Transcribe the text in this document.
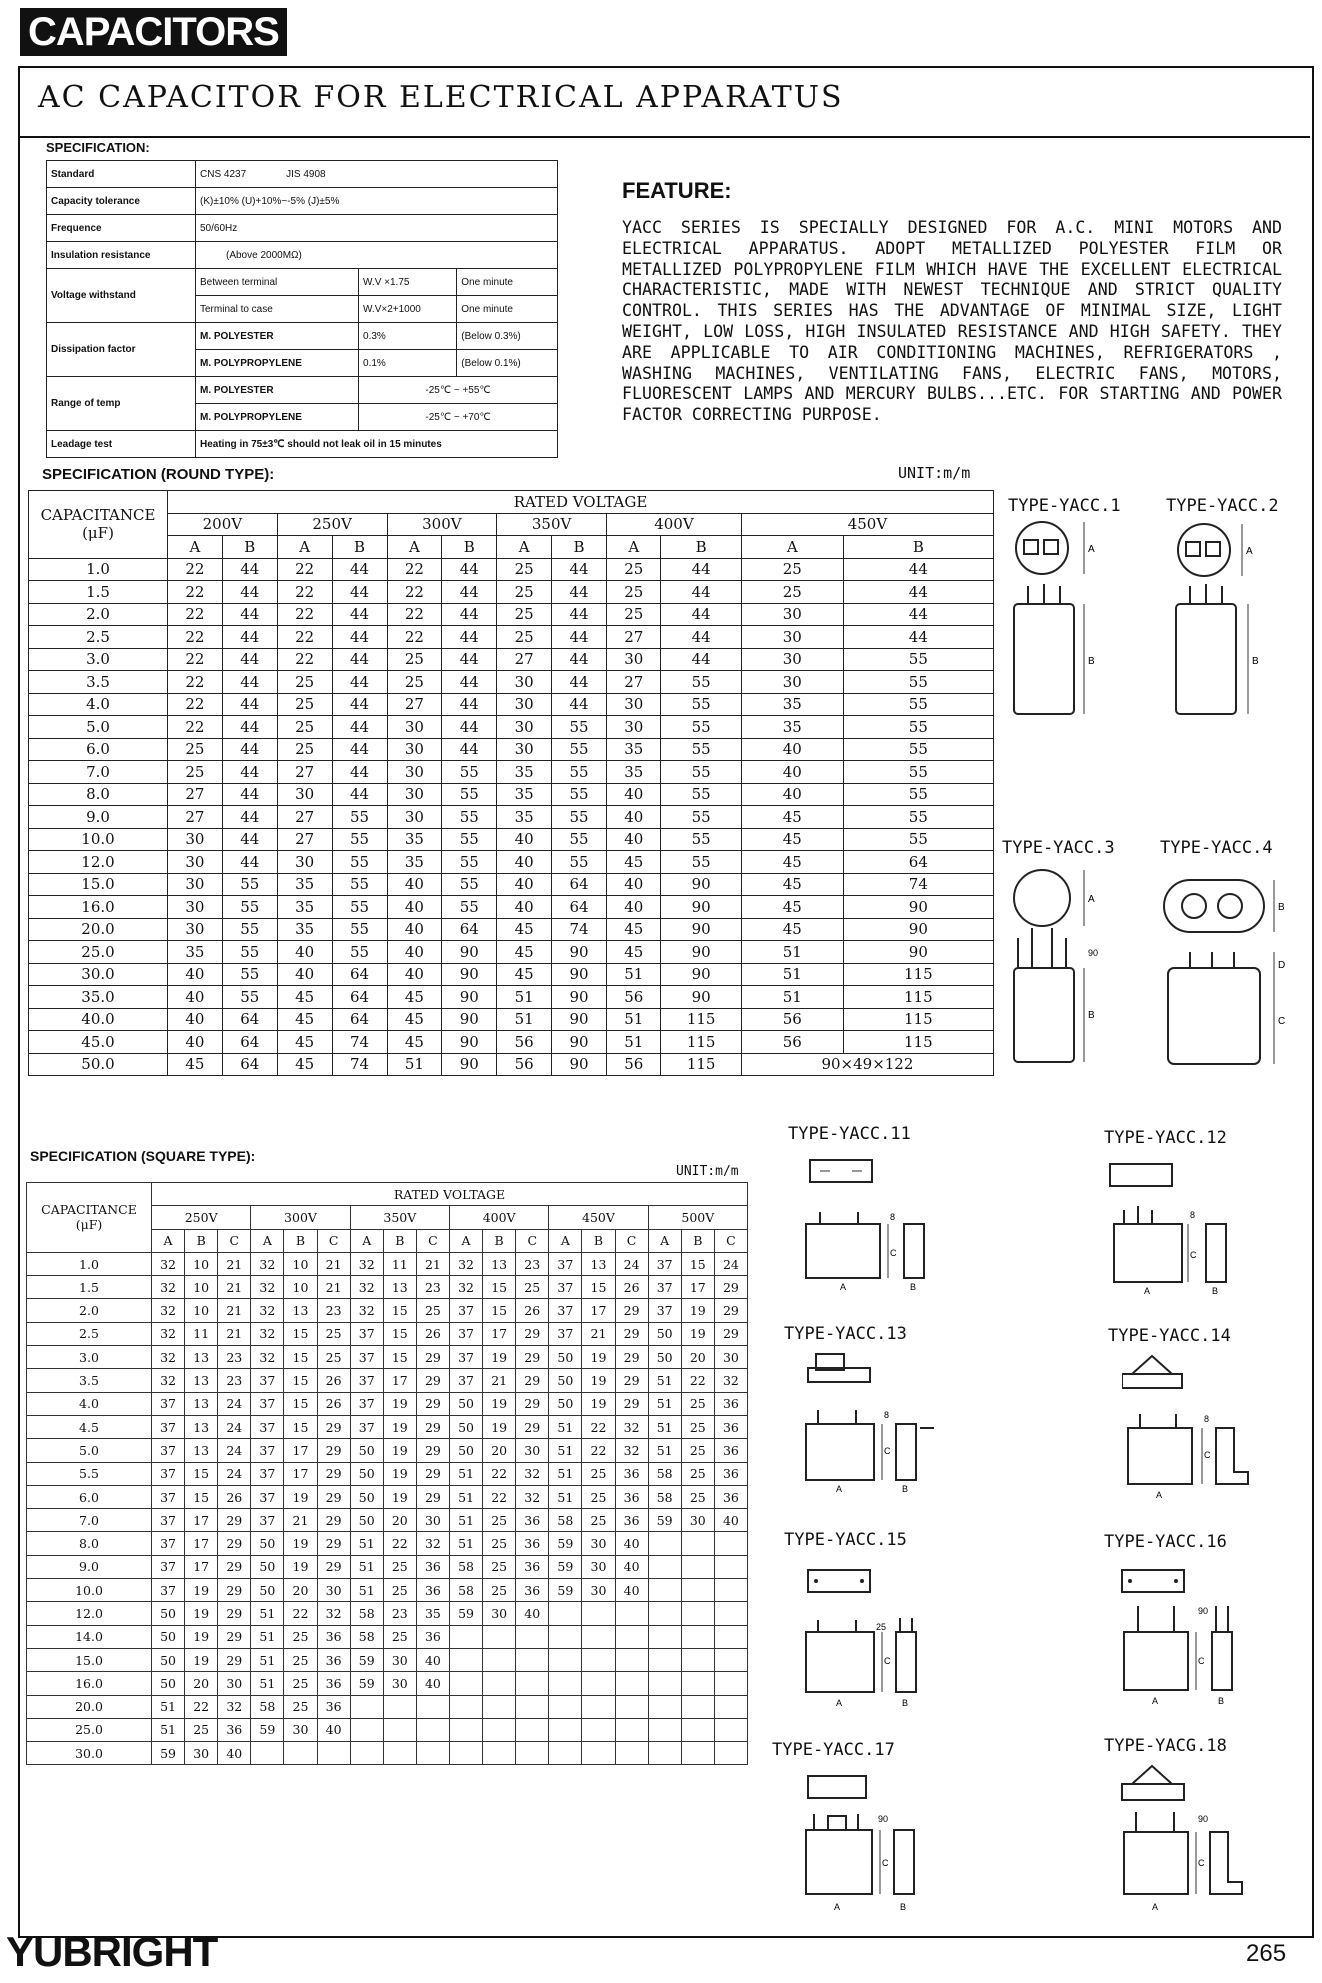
CAPACITORS
AC CAPACITOR FOR ELECTRICAL APPARATUS
SPECIFICATION:
Standard	CNS 4237 JIS 4908		
Capacity tolerance	(K)±10% (U)+10%~-5% (J)±5%		
Frequence	50/60Hz		
Insulation resistance	(Above 2000MΩ)		
Voltage withstand	Between terminal	W.V ×1.75	One minute
	Terminal to case	W.V×2+1000	One minute
Dissipation factor	M. POLYESTER	0.3%	(Below 0.3%)
	M. POLYPROPYLENE	0.1%	(Below 0.1%)
Range of temp	M. POLYESTER	-25℃ ~ +55℃	
	M. POLYPROPYLENE	-25℃ ~ +70℃	
Leadage test	Heating in 75±3℃ should not leak oil in 15 minutes		
FEATURE:
YACC SERIES IS SPECIALLY DESIGNED FOR A.C. MINI MOTORS AND ELECTRICAL APPARATUS. ADOPT METALLIZED POLYESTER FILM OR METALLIZED POLYPROPYLENE FILM WHICH HAVE THE EXCELLENT ELECTRICAL CHARACTERISTIC, MADE WITH NEWEST TECHNIQUE AND STRICT QUALITY CONTROL. THIS SERIES HAS THE ADVANTAGE OF MINIMAL SIZE, LIGHT WEIGHT, LOW LOSS, HIGH INSULATED RESISTANCE AND HIGH SAFETY. THEY ARE APPLICABLE TO AIR CONDITIONING MACHINES, REFRIGERATORS , WASHING MACHINES, VENTILATING FANS, ELECTRIC FANS, MOTORS, FLUORESCENT LAMPS AND MERCURY BULBS...ETC. FOR STARTING AND POWER FACTOR CORRECTING PURPOSE.
SPECIFICATION (ROUND TYPE):	UNIT:m/m
CAPACITANCE
(μF)	RATED VOLTAGE											
	200V		250V		300V		350V		400V		450V	
	A	B	A	B	A	B	A	B	A	B	A	B
1.0	22	44	22	44	22	44	25	44	25	44	25	44
1.5	22	44	22	44	22	44	25	44	25	44	25	44
2.0	22	44	22	44	22	44	25	44	25	44	30	44
2.5	22	44	22	44	22	44	25	44	27	44	30	44
3.0	22	44	22	44	25	44	27	44	30	44	30	55
3.5	22	44	25	44	25	44	30	44	27	55	30	55
4.0	22	44	25	44	27	44	30	44	30	55	35	55
5.0	22	44	25	44	30	44	30	55	30	55	35	55
6.0	25	44	25	44	30	44	30	55	35	55	40	55
7.0	25	44	27	44	30	55	35	55	35	55	40	55
8.0	27	44	30	44	30	55	35	55	40	55	40	55
9.0	27	44	27	55	30	55	35	55	40	55	45	55
10.0	30	44	27	55	35	55	40	55	40	55	45	55
12.0	30	44	30	55	35	55	40	55	45	55	45	64
15.0	30	55	35	55	40	55	40	64	40	90	45	74
16.0	30	55	35	55	40	55	40	64	40	90	45	90
20.0	30	55	35	55	40	64	45	74	45	90	45	90
25.0	35	55	40	55	40	90	45	90	45	90	51	90
30.0	40	55	40	64	40	90	45	90	51	90	51	115
35.0	40	55	45	64	45	90	51	90	56	90	51	115
40.0	40	64	45	64	45	90	51	90	51	115	56	115
45.0	40	64	45	74	45	90	56	90	51	115	56	115
50.0	45	64	45	74	51	90	56	90	56	115	90×49×122	
SPECIFICATION (SQUARE TYPE):
UNIT:m/m
CAPACITANCE
(μF)	RATED VOLTAGE																	
	250V			300V			350V			400V			450V			500V		
	A	B	C	A	B	C	A	B	C	A	B	C	A	B	C	A	B	C
1.0	32	10	21	32	10	21	32	11	21	32	13	23	37	13	24	37	15	24
1.5	32	10	21	32	10	21	32	13	23	32	15	25	37	15	26	37	17	29
2.0	32	10	21	32	13	23	32	15	25	37	15	26	37	17	29	37	19	29
2.5	32	11	21	32	15	25	37	15	26	37	17	29	37	21	29	50	19	29
3.0	32	13	23	32	15	25	37	15	29	37	19	29	50	19	29	50	20	30
3.5	32	13	23	37	15	26	37	17	29	37	21	29	50	19	29	51	22	32
4.0	37	13	24	37	15	26	37	19	29	50	19	29	50	19	29	51	25	36
4.5	37	13	24	37	15	29	37	19	29	50	19	29	51	22	32	51	25	36
5.0	37	13	24	37	17	29	50	19	29	50	20	30	51	22	32	51	25	36
5.5	37	15	24	37	17	29	50	19	29	51	22	32	51	25	36	58	25	36
6.0	37	15	26	37	19	29	50	19	29	51	22	32	51	25	36	58	25	36
7.0	37	17	29	37	21	29	50	20	30	51	25	36	58	25	36	59	30	40
8.0	37	17	29	50	19	29	51	22	32	51	25	36	59	30	40			
9.0	37	17	29	50	19	29	51	25	36	58	25	36	59	30	40			
10.0	37	19	29	50	20	30	51	25	36	58	25	36	59	30	40			
12.0	50	19	29	51	22	32	58	23	35	59	30	40						
14.0	50	19	29	51	25	36	58	25	36									
15.0	50	19	29	51	25	36	59	30	40									
16.0	50	20	30	51	25	36	59	30	40									
20.0	51	22	32	58	25	36												
25.0	51	25	36	59	30	40												
30.0	59	30	40															
TYPE-YACC.1	TYPE-YACC.2
TYPE-YACC.3	TYPE-YACC.4
A
B
A
B
A
90
B
B
D
C
TYPE-YACC.11	TYPE-YACC.12
TYPE-YACC.13	TYPE-YACC.14
TYPE-YACC.15	TYPE-YACC.16
TYPE-YACC.17	TYPE-YACG.18
A
C
8
B
C
8
A	B
C
8
A	B
C
8
A
25
C
A	B
90
C
A	B
90
C
A	B
90
C
A
YUBRIGHT	265
